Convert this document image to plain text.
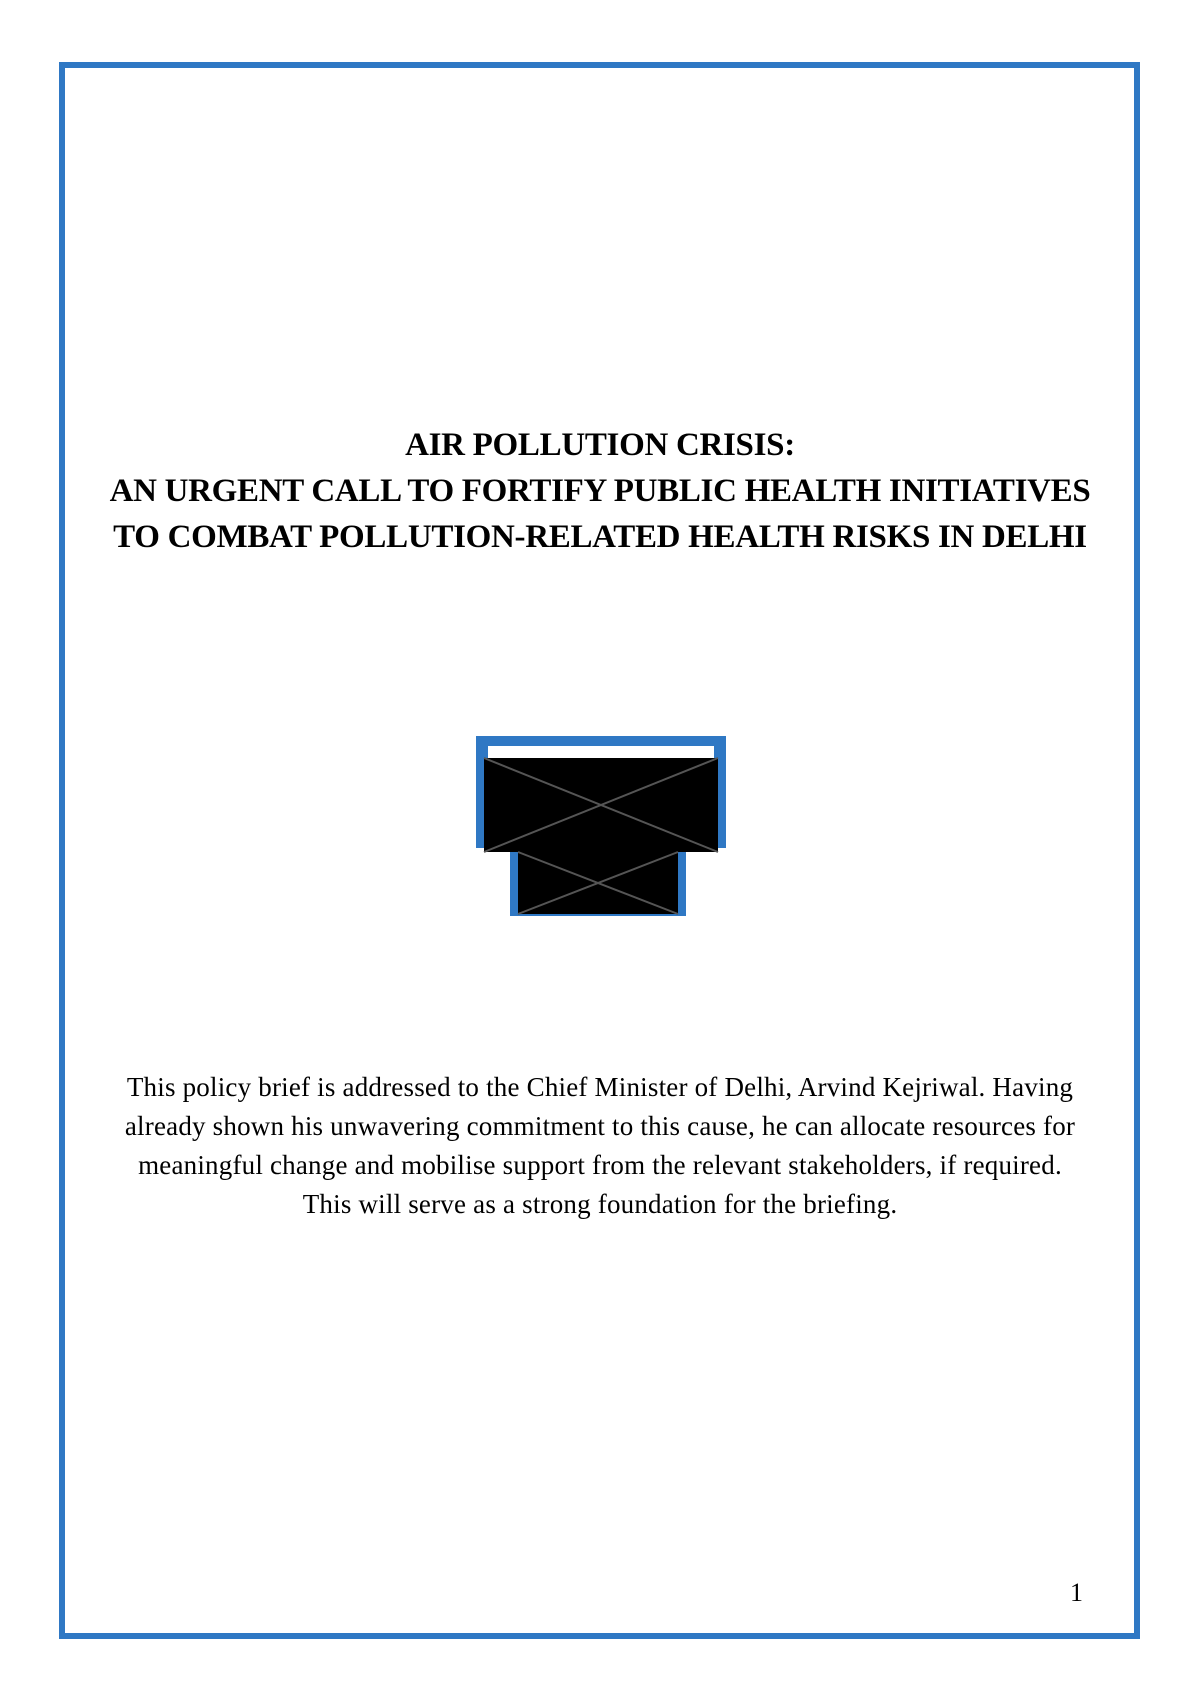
AIR POLLUTION CRISIS:
AN URGENT CALL TO FORTIFY PUBLIC HEALTH INITIATIVES
TO COMBAT POLLUTION-RELATED HEALTH RISKS IN DELHI
This policy brief is addressed to the Chief Minister of Delhi, Arvind Kejriwal. Having
already shown his unwavering commitment to this cause, he can allocate resources for
meaningful change and mobilise support from the relevant stakeholders, if required.
This will serve as a strong foundation for the briefing.
1
